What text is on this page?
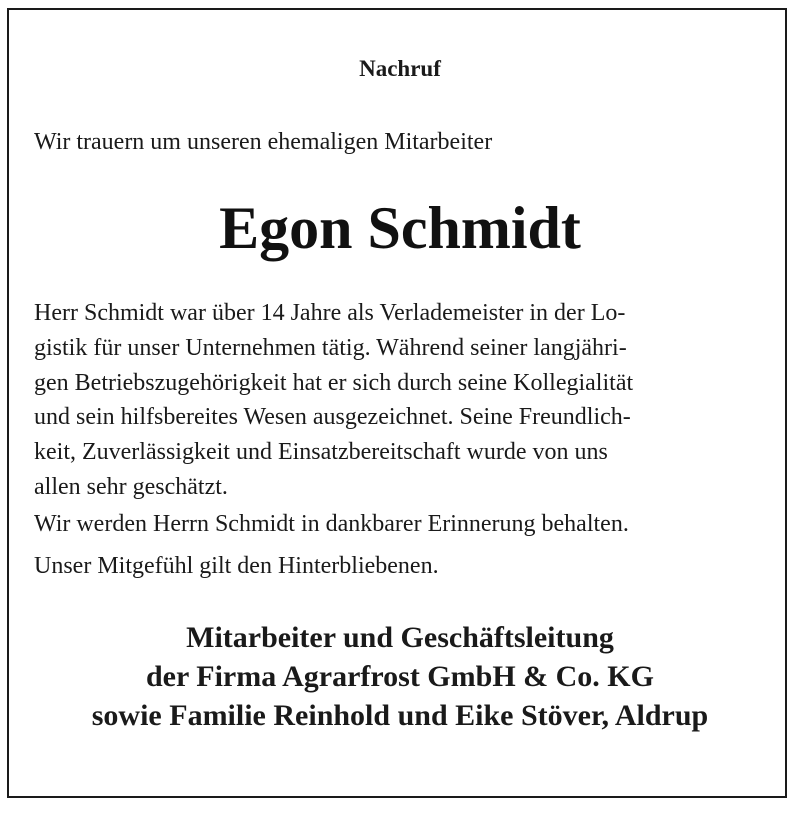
Nachruf
Wir trauern um unseren ehemaligen Mitarbeiter
Egon Schmidt
Herr Schmidt war über 14 Jahre als Verlademeister in der Lo-
gistik für unser Unternehmen tätig. Während seiner langjähri-
gen Betriebszugehörigkeit hat er sich durch seine Kollegialität
und sein hilfsbereites Wesen ausgezeichnet. Seine Freundlich-
keit, Zuverlässigkeit und Einsatzbereitschaft wurde von uns
allen sehr geschätzt.
Wir werden Herrn Schmidt in dankbarer Erinnerung behalten.
Unser Mitgefühl gilt den Hinterbliebenen.
Mitarbeiter und Geschäftsleitung
der Firma Agrarfrost GmbH & Co. KG
sowie Familie Reinhold und Eike Stöver, Aldrup
